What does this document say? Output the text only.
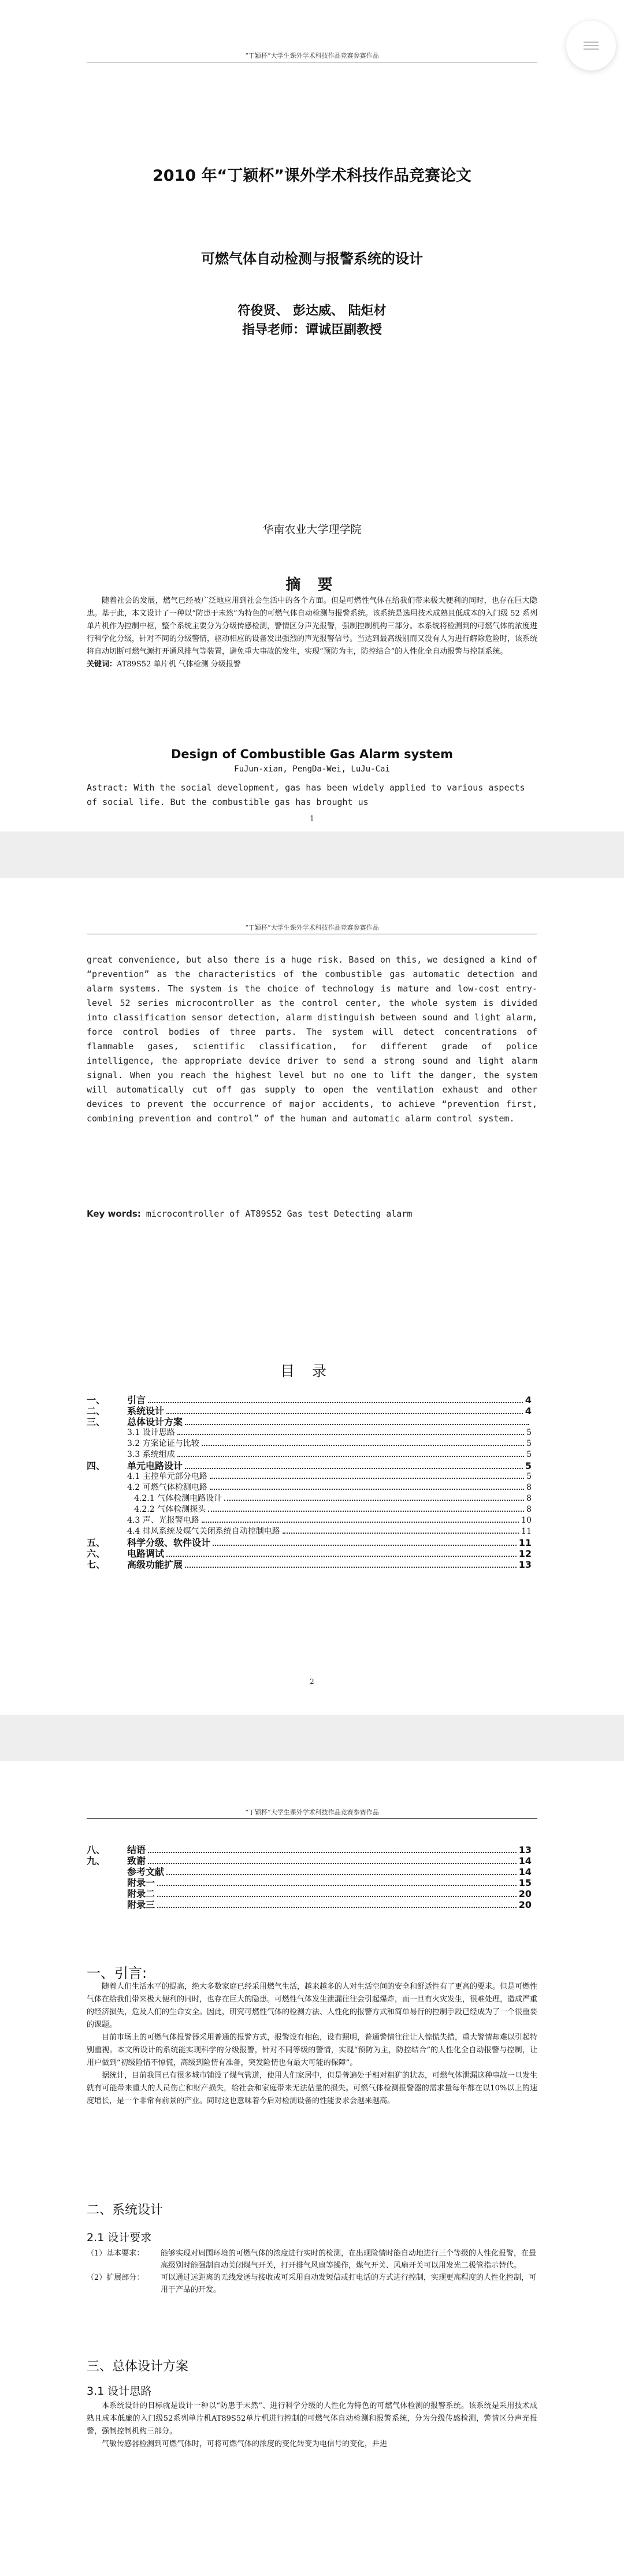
“丁颖杯”大学生课外学术科技作品竞赛参赛作品
2010 年“丁颖杯”课外学术科技作品竞赛论文
可燃气体自动检测与报警系统的设计
符俊贤、 彭达威、 陆炬材
指导老师：谭诚臣副教授
华南农业大学理学院
摘 要

随着社会的发展，燃气已经被广泛地应用到社会生活中的各个方面。但是可燃性气体在给我们带来极大便利的同时，也存在巨大隐患。基于此，本文设计了一种以“防患于未然”为特色的可燃气体自动检测与报警系统。该系统是选用技术成熟且低成本的入门级 52 系列单片机作为控制中枢，整个系统主要分为分级传感检测，警情区分声光报警，强制控制机构三部分。本系统将检测到的可燃气体的浓度进行科学化分级，针对不同的分级警情，驱动相应的设备发出强烈的声光报警信号。当达到最高级别而又没有人为进行解除危险时，该系统将自动切断可燃气源打开通风排气等装置，避免重大事故的发生，实现“预防为主，防控结合”的人性化全自动报警与控制系统。

关键词：AT89S52 单片机 气体检测 分级报警

Design of Combustible Gas Alarm system
FuJun-xian, PengDa-Wei, LuJu-Cai
Astract: With the social development, gas has been widely applied to various aspects of social life. But the combustible gas has brought us
1
“丁颖杯”大学生课外学术科技作品竞赛参赛作品
great convenience, but also there is a huge risk. Based on this, we designed a kind of “prevention” as the characteristics of the combustible gas automatic detection and alarm systems. The system is the choice of technology is mature and low-cost entry-level 52 series microcontroller as the control center, the whole system is divided into classification sensor detection, alarm distinguish between sound and light alarm, force control bodies of three parts. The system will detect concentrations of flammable gases, scientific classification, for different grade of police intelligence, the appropriate device driver to send a strong sound and light alarm signal. When you reach the highest level but no one to lift the danger, the system will automatically cut off gas supply to open the ventilation exhaust and other devices to prevent the occurrence of major accidents, to achieve “prevention first, combining prevention and control” of the human and automatic alarm control system.
Key words: microcontroller of AT89S52 Gas test Detecting alarm
目录
一、	引言	4
二、	系统设计	4
三、	总体设计方案
3.1 设计思路	5
3.2 方案论证与比较	5
3.3 系统组成	5
四、	单元电路设计	5
4.1 主控单元部分电路	5
4.2 可燃气体检测电路	8
4.2.1 气体检测电路设计	8
4.2.2 气体检测探头	8
4.3 声、光报警电路	10
4.4 排风系统及煤气关闭系统自动控制电路	11
五、	科学分级、软件设计	11
六、	电路调试	12
七、	高级功能扩展	13
2
“丁颖杯”大学生课外学术科技作品竞赛参赛作品
八、	结语	13
九、	致谢	14
参考文献	14
附录一	15
附录二	20
附录三	20
一、引言:

随着人们生活水平的提高，绝大多数家庭已经采用燃气生活，越来越多的人对生活空间的安全和舒适性有了更高的要求。但是可燃性气体在给我们带来极大便利的同时，也存在巨大的隐患。可燃性气体发生泄漏往往会引起爆炸，而一旦有火灾发生，很难处理，造成严重的经济损失，危及人们的生命安全。因此，研究可燃性气体的检测方法、人性化的报警方式和简单易行的控制手段已经成为了一个很重要的课题。

目前市场上的可燃气体报警器采用普通的报警方式，报警设有相色，设有照明，普通警情往往让人惊慌失措，重大警情却难以引起特别重视。本文所设计的系统能实现科学的分级报警，针对不同等级的警情，实现“预防为主，防控结合”的人性化全自动报警与控制，让用户做到“初级险情不惊慌，高级到险情有准备，突发险情也有最大可能的保障”。

据统计，目前我国已有很多城市铺设了煤气管道，使用人们家居中，但是普遍处于相对粗犷的状态，可燃气体泄漏这种事故一旦发生就有可能带来重大的人员伤亡和财产损失，给社会和家庭带来无法估量的损失。可燃气体检测报警器的需求量每年都在以10%以上的速度增长，是一个非常有前景的产业。同时这也意味着今后对检测设备的性能要求会越来越高。

二、系统设计
2.1 设计要求
（1）基本要求：	能够实现对周围环境的可燃气体的浓度进行实时的检测，在出现险情时能自动地进行三个等级的人性化报警，在最高级别时能强制自动关闭煤气开关，打开排气风扇等操作，煤气开关、风扇开关可以用发光二极管指示替代。
（2）扩展部分：	可以通过远距离的无线发送与接收或可采用自动发短信或打电话的方式进行控制，实现更高程度的人性化控制，可用于产品的开发。
三、总体设计方案
3.1 设计思路

本系统设计的目标就是设计一种以“防患于未然”、进行科学分级的人性化为特色的可燃气体检测的报警系统。该系统是采用技术成熟且成本低廉的入门级52系列单片机AT89S52单片机进行控制的可燃气体自动检测和报警系统，分为分级传感检测，警情区分声光报警，强制控制机构三部分。

气敏传感器检测到可燃气体时，可将可燃气体的浓度的变化转变为电信号的变化，并进
